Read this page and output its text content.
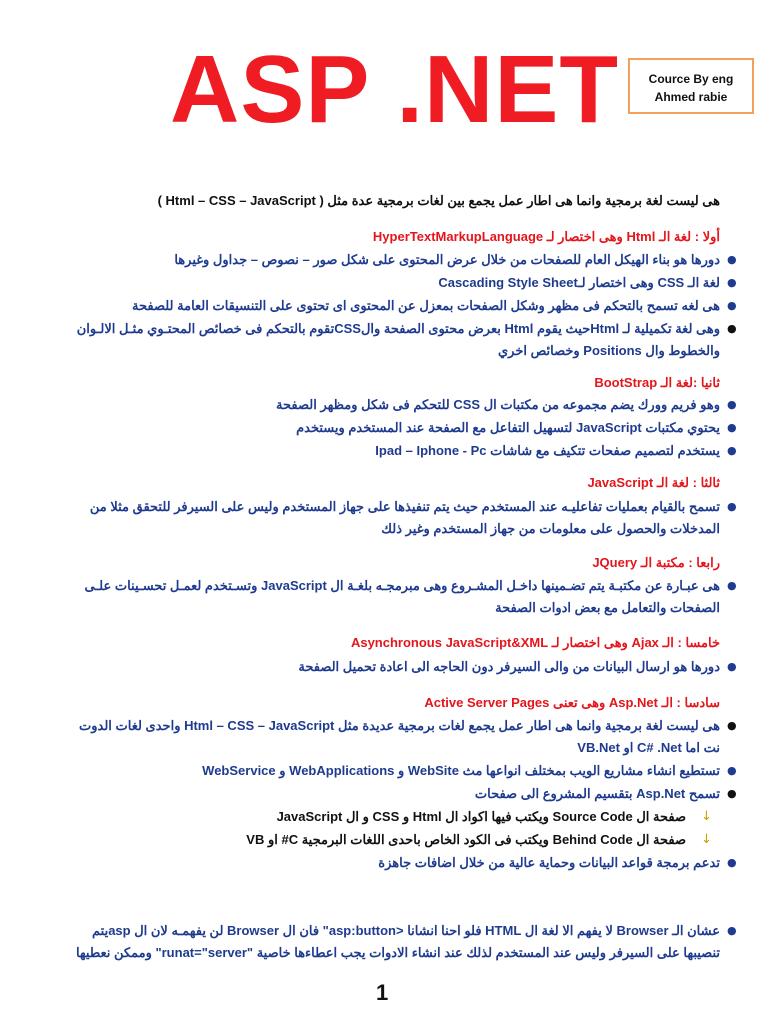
ASP .NET	Cource By eng
Ahmed rabie
هى ليست لغة برمجية وانما هى اطار عمل يجمع بين لغات برمجية عدة مثل ( Html – CSS – JavaScript )
أولا : لغة الـ Html وهى اختصار لـ HyperTextMarkupLanguage
●
دورها هو بناء الهيكل العام للصفحات من خلال عرض المحتوى على شكل صور – نصوص – جداول وغيرها
●
لغة الـ CSS وهى اختصار لـCascading Style Sheet
●
هى لغه تسمح بالتحكم فى مظهر وشكل الصفحات بمعزل عن المحتوى اى تحتوى على التنسيقات العامة للصفحة
●
وهى لغة تكميلية لـ Htmlحيث يقوم Html بعرض محتوى الصفحة والCSSتقوم بالتحكم فى خصائص المحتـوي مثـل الالـوان
والخطوط وال Positions وخصائص اخري
ثانيا :لغة الـ BootStrap
●
وهو فريم وورك يضم مجموعه من مكتبات ال CSS للتحكم فى شكل ومظهر الصفحة
●
يحتوي مكتبات JavaScript لتسهيل التفاعل مع الصفحة عند المستخدم ويستخدم
●
يستخدم لتصميم صفحات تتكيف مع شاشات Ipad – Iphone - Pc
ثالثا : لغة الـ JavaScript
●
تسمح بالقيام بعمليات تفاعليـه عند المستخدم حيث يتم تنفيذها على جهاز المستخدم وليس على السيرفر للتحقق مثلا من
المدخلات والحصول على معلومات من جهاز المستخدم وغير ذلك
رابعا : مكتبة الـ JQuery
●
هى عبـارة عن مكتبـة يتم تضـمينها داخـل المشـروع وهى مبرمجـه بلغـة ال JavaScript وتسـتخدم لعمـل تحسـينات علـى
الصفحات والتعامل مع بعض ادوات الصفحة
خامسا : الـ Ajax وهى اختصار لـ Asynchronous JavaScript&XML
●
دورها هو ارسال البيانات من والى السيرفر دون الحاجه الى اعادة تحميل الصفحة
سادسا : الـ Asp.Net وهى تعنى Active Server Pages
●
هى ليست لغة برمجية وانما هى اطار عمل يجمع لغات برمجية عديدة مثل Html – CSS – JavaScript واحدى لغات الدوت
نت اما C# .Net او VB.Net
●
تستطيع انشاء مشاريع الويب بمختلف انواعها مث WebSite و WebApplications و WebService
●
تسمح Asp.Net بتقسيم المشروع الى صفحات
↓
صفحة ال Source Code ويكتب فيها اكواد ال Html و CSS و ال JavaScript
↓
صفحة ال Behind Code ويكتب فى الكود الخاص باحدى اللغات البرمجية C# او VB
●
تدعم برمجة قواعد البيانات وحماية عالية من خلال اضافات جاهزة
●
عشان الـ Browser لا يفهم الا لغة ال HTML فلو احنا انشانا <asp:button" فان ال Browser لن يفهمـه لان ال aspيتم
تنصيبها على السيرفر وليس عند المستخدم لذلك عند انشاء الادوات يجب اعطاءها خاصية "runat="server" وممكن نعطيها
1
